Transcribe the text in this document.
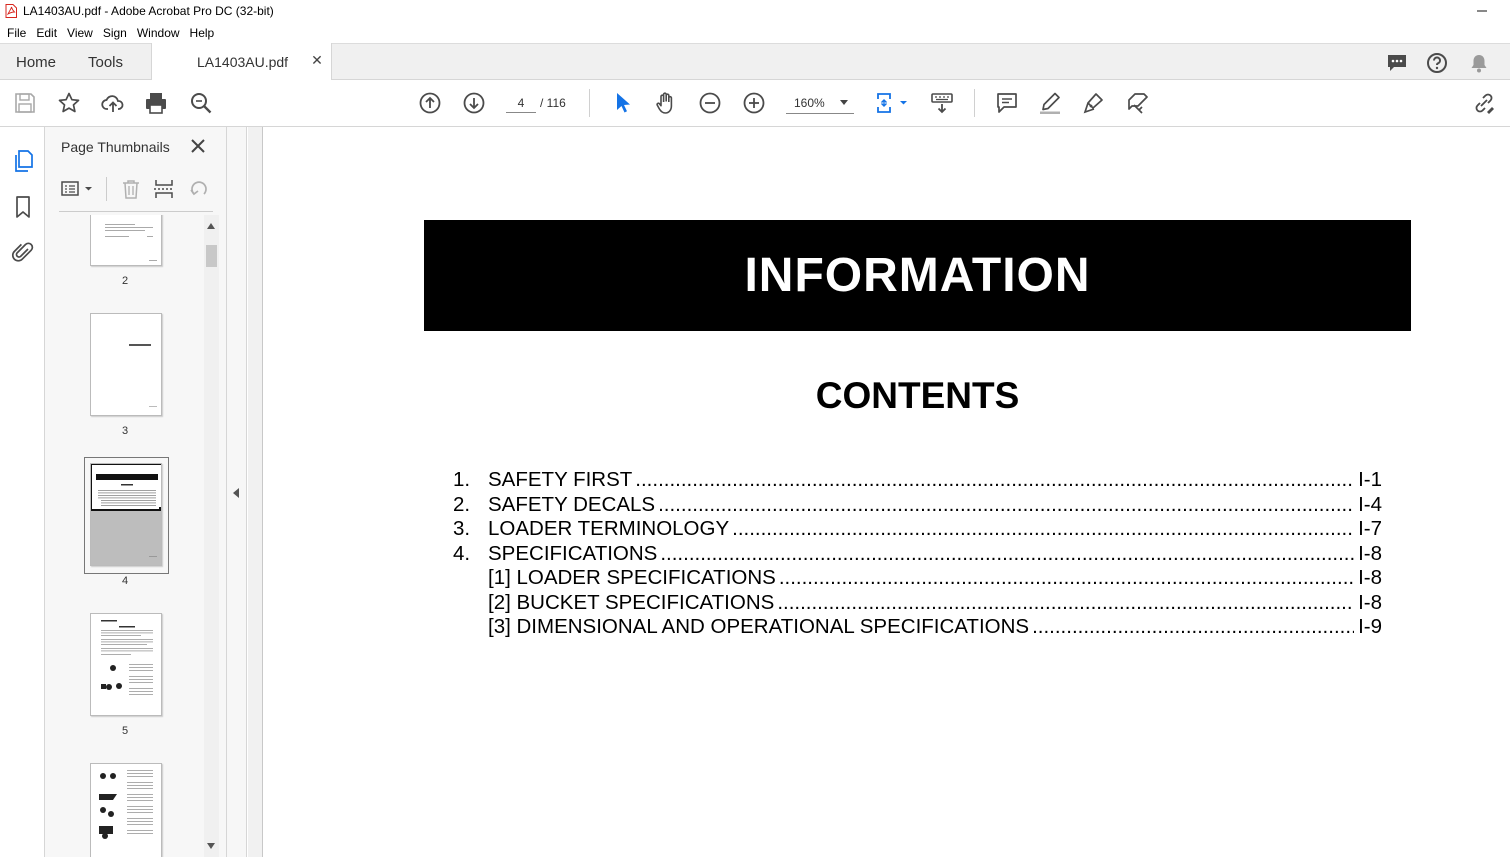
LA1403AU.pdf - Adobe Acrobat Pro DC (32-bit)
File Edit View Sign Window Help
Home Tools	LA1403AU.pdf ✕
4
/ 116	160%
Page Thumbnails
2
3
4
5
INFORMATION
CONTENTS
1. SAFETY FIRST .....	I-1
2. SAFETY DECALS .....	I-4
3. LOADER TERMINOLOGY .....	I-7
4. SPECIFICATIONS .....	I-8
[1] LOADER SPECIFICATIONS .....	I-8
[2] BUCKET SPECIFICATIONS .....	I-8
[3] DIMENSIONAL AND OPERATIONAL SPECIFICATIONS .....	I-9
